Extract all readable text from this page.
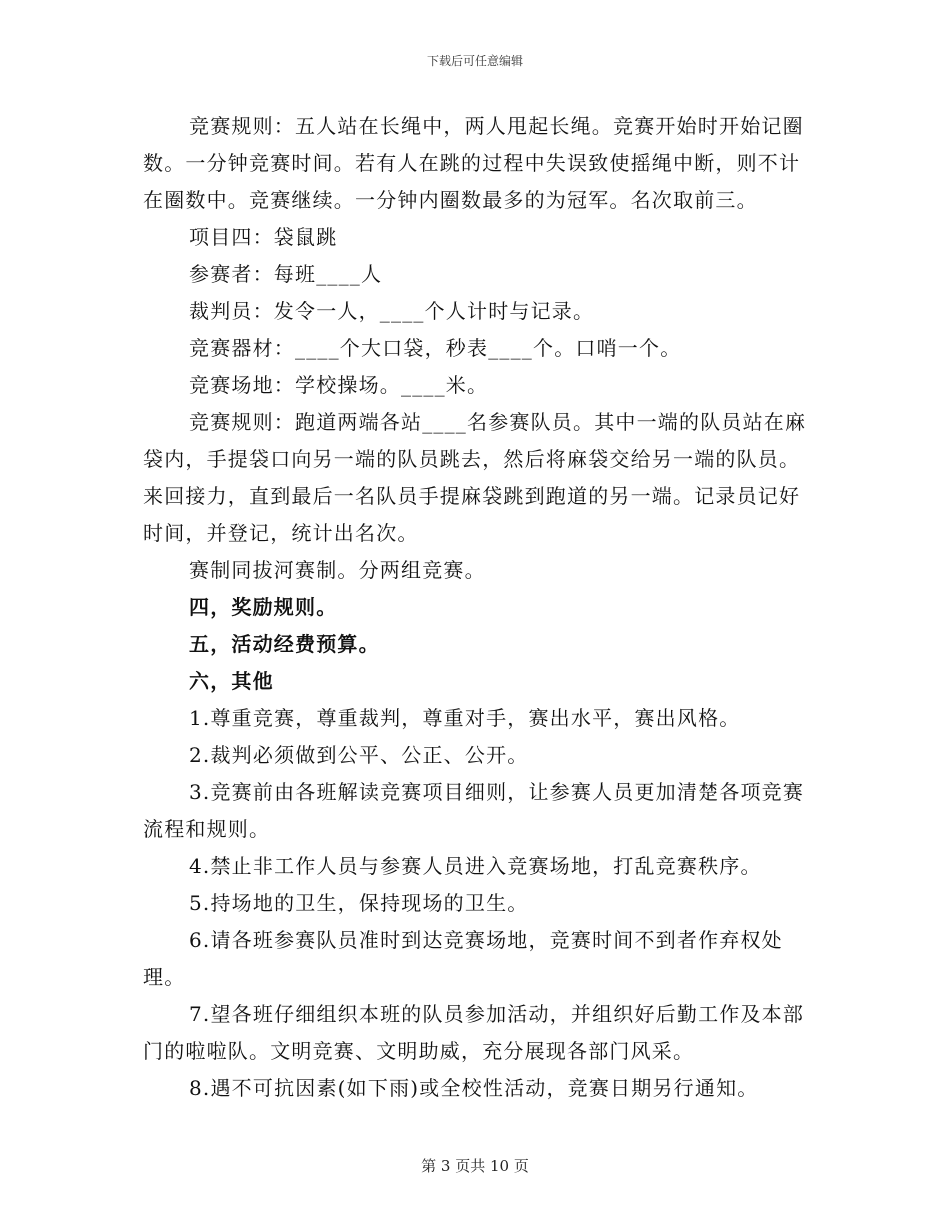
下载后可任意编辑

竞赛规则：五人站在长绳中，两人甩起长绳。竞赛开始时开始记圈数。一分钟竞赛时间。若有人在跳的过程中失误致使摇绳中断，则不计在圈数中。竞赛继续。一分钟内圈数最多的为冠军。名次取前三。

项目四：袋鼠跳

参赛者：每班____人

裁判员：发令一人，____个人计时与记录。

竞赛器材：____个大口袋，秒表____个。口哨一个。

竞赛场地：学校操场。____米。

竞赛规则：跑道两端各站____名参赛队员。其中一端的队员站在麻袋内，手提袋口向另一端的队员跳去，然后将麻袋交给另一端的队员。来回接力，直到最后一名队员手提麻袋跳到跑道的另一端。记录员记好时间，并登记，统计出名次。

赛制同拔河赛制。分两组竞赛。

四，奖励规则。

五，活动经费预算。

六，其他

1.尊重竞赛，尊重裁判，尊重对手，赛出水平，赛出风格。

2.裁判必须做到公平、公正、公开。

3.竞赛前由各班解读竞赛项目细则，让参赛人员更加清楚各项竞赛流程和规则。

4.禁止非工作人员与参赛人员进入竞赛场地，打乱竞赛秩序。

5.持场地的卫生，保持现场的卫生。

6.请各班参赛队员准时到达竞赛场地，竞赛时间不到者作弃权处理。

7.望各班仔细组织本班的队员参加活动，并组织好后勤工作及本部门的啦啦队。文明竞赛、文明助威，充分展现各部门风采。

8.遇不可抗因素(如下雨)或全校性活动，竞赛日期另行通知。

第 3 页共 10 页
